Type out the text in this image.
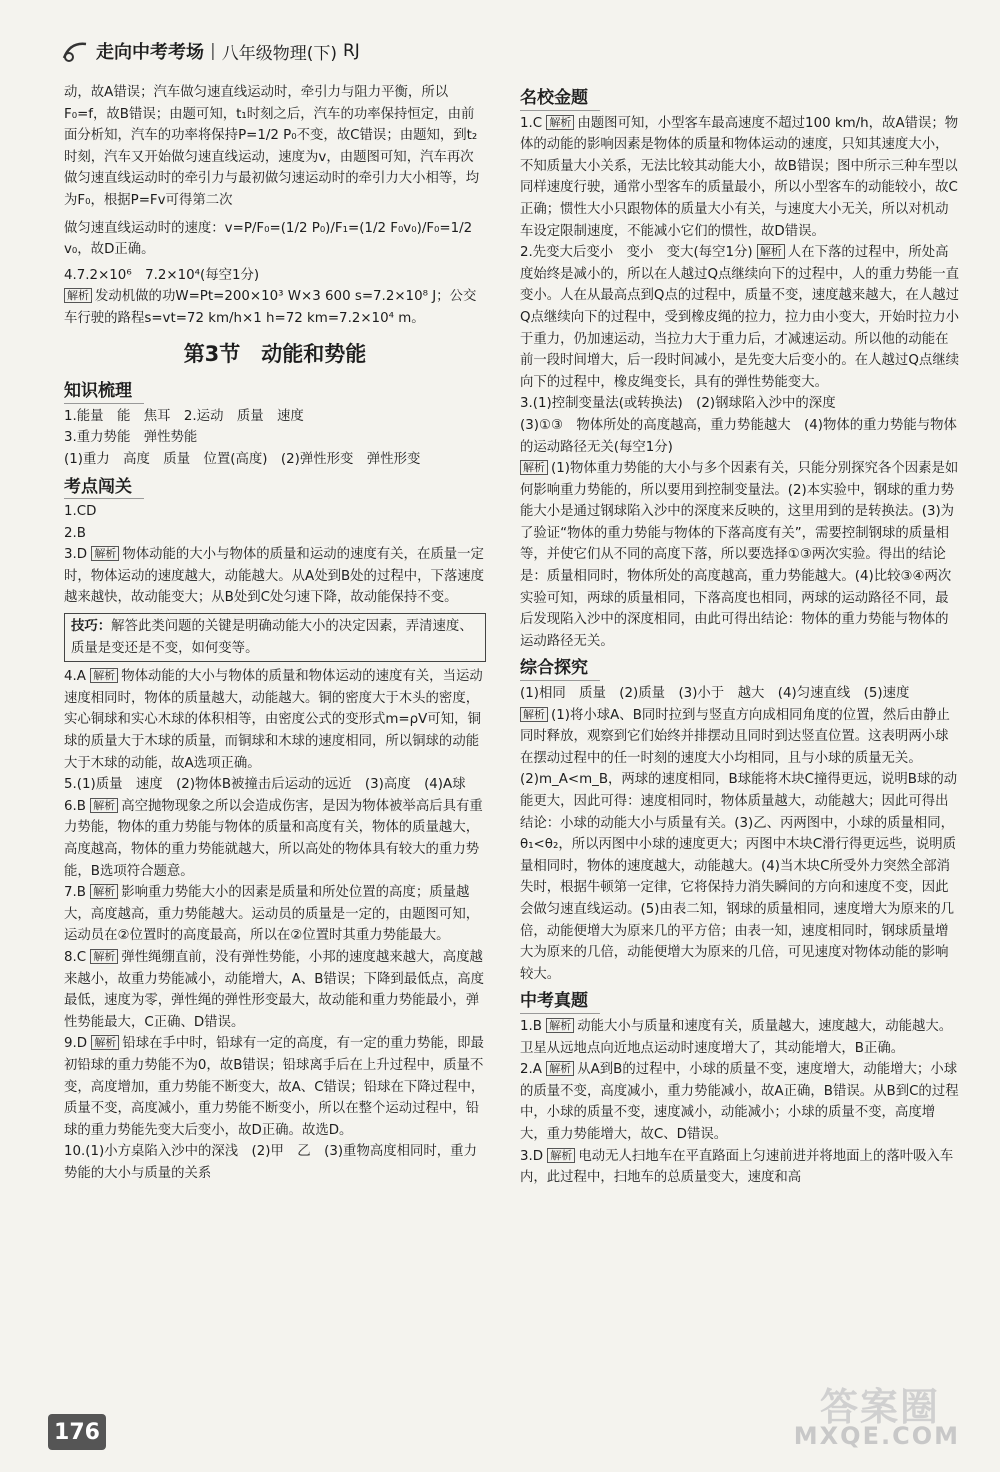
走向中考考场 | 八年级物理(下) RJ

动，故A错误；汽车做匀速直线运动时，牵引力与阻力平衡，所以F₀=f，故B错误；由题可知，t₁时刻之后，汽车的功率保持恒定，由前面分析知，汽车的功率将保持P=1/2 P₀不变，故C错误；由题知，到t₂时刻，汽车又开始做匀速直线运动，速度为v，由题图可知，汽车再次做匀速直线运动时的牵引力与最初做匀速运动时的牵引力大小相等，均为F₀，根据P=Fv可得第二次

做匀速直线运动时的速度：v=P/F₀=(1/2 P₀)/F₁=(1/2 F₀v₀)/F₀=1/2 v₀，故D正确。

4.7.2×10⁶　7.2×10⁴(每空1分)

解析 发动机做的功W=Pt=200×10³ W×3 600 s=7.2×10⁸ J；公交车行驶的路程s=vt=72 km/h×1 h=72 km=7.2×10⁴ m。

第3节　动能和势能
知识梳理

1.能量　能　焦耳　2.运动　质量　速度

3.重力势能　弹性势能

(1)重力　高度　质量　位置(高度)　(2)弹性形变　弹性形变

考点闯关

1.CD

2.B

3.D 解析 物体动能的大小与物体的质量和运动的速度有关，在质量一定时，物体运动的速度越大，动能越大。从A处到B处的过程中，下落速度越来越快，故动能变大；从B处到C处匀速下降，故动能保持不变。

技巧：解答此类问题的关键是明确动能大小的决定因素，弄清速度、质量是变还是不变，如何变等。

4.A 解析 物体动能的大小与物体的质量和物体运动的速度有关，当运动速度相同时，物体的质量越大，动能越大。铜的密度大于木头的密度，实心铜球和实心木球的体积相等，由密度公式的变形式m=ρV可知，铜球的质量大于木球的质量，而铜球和木球的速度相同，所以铜球的动能大于木球的动能，故A选项正确。

5.(1)质量　速度　(2)物体B被撞击后运动的远近　(3)高度　(4)A球

6.B 解析 高空抛物现象之所以会造成伤害，是因为物体被举高后具有重力势能，物体的重力势能与物体的质量和高度有关，物体的质量越大，高度越高，物体的重力势能就越大，所以高处的物体具有较大的重力势能，B选项符合题意。

7.B 解析 影响重力势能大小的因素是质量和所处位置的高度；质量越大，高度越高，重力势能越大。运动员的质量是一定的，由题图可知，运动员在②位置时的高度最高，所以在②位置时其重力势能最大。

8.C 解析 弹性绳绷直前，没有弹性势能，小邦的速度越来越大，高度越来越小，故重力势能减小，动能增大，A、B错误；下降到最低点，高度最低，速度为零，弹性绳的弹性形变最大，故动能和重力势能最小，弹性势能最大，C正确、D错误。

9.D 解析 铅球在手中时，铅球有一定的高度，有一定的重力势能，即最初铅球的重力势能不为0，故B错误；铅球离手后在上升过程中，质量不变，高度增加，重力势能不断变大，故A、C错误；铅球在下降过程中，质量不变，高度减小，重力势能不断变小，所以在整个运动过程中，铅球的重力势能先变大后变小，故D正确。故选D。

10.(1)小方桌陷入沙中的深浅　(2)甲　乙　(3)重物高度相同时，重力势能的大小与质量的关系

名校金题

1.C 解析 由题图可知，小型客车最高速度不超过100 km/h，故A错误；物体的动能的影响因素是物体的质量和物体运动的速度，只知其速度大小，不知质量大小关系，无法比较其动能大小，故B错误；图中所示三种车型以同样速度行驶，通常小型客车的质量最小，所以小型客车的动能较小，故C正确；惯性大小只跟物体的质量大小有关，与速度大小无关，所以对机动车设定限制速度，不能减小它们的惯性，故D错误。

2.先变大后变小　变小　变大(每空1分) 解析 人在下落的过程中，所处高度始终是减小的，所以在人越过Q点继续向下的过程中，人的重力势能一直变小。人在从最高点到Q点的过程中，质量不变，速度越来越大，在人越过Q点继续向下的过程中，受到橡皮绳的拉力，拉力由小变大，开始时拉力小于重力，仍加速运动，当拉力大于重力后，才减速运动。所以他的动能在前一段时间增大，后一段时间减小，是先变大后变小的。在人越过Q点继续向下的过程中，橡皮绳变长，具有的弹性势能变大。

3.(1)控制变量法(或转换法)　(2)钢球陷入沙中的深度

(3)①③　物体所处的高度越高，重力势能越大　(4)物体的重力势能与物体的运动路径无关(每空1分)

解析 (1)物体重力势能的大小与多个因素有关，只能分别探究各个因素是如何影响重力势能的，所以要用到控制变量法。(2)本实验中，钢球的重力势能大小是通过钢球陷入沙中的深度来反映的，这里用到的是转换法。(3)为了验证“物体的重力势能与物体的下落高度有关”，需要控制钢球的质量相等，并使它们从不同的高度下落，所以要选择①③两次实验。得出的结论是：质量相同时，物体所处的高度越高，重力势能越大。(4)比较③④两次实验可知，两球的质量相同，下落高度也相同，两球的运动路径不同，最后发现陷入沙中的深度相同，由此可得出结论：物体的重力势能与物体的运动路径无关。

综合探究

(1)相同　质量　(2)质量　(3)小于　越大　(4)匀速直线　(5)速度

解析 (1)将小球A、B同时拉到与竖直方向成相同角度的位置，然后由静止同时释放，观察到它们始终并排摆动且同时到达竖直位置。这表明两小球在摆动过程中的任一时刻的速度大小均相同，且与小球的质量无关。(2)m_A<m_B，两球的速度相同，B球能将木块C撞得更远，说明B球的动能更大，因此可得：速度相同时，物体质量越大，动能越大；因此可得出结论：小球的动能大小与质量有关。(3)乙、丙两图中，小球的质量相同，θ₁<θ₂，所以丙图中小球的速度更大；丙图中木块C滑行得更远些，说明质量相同时，物体的速度越大，动能越大。(4)当木块C所受外力突然全部消失时，根据牛顿第一定律，它将保持力消失瞬间的方向和速度不变，因此会做匀速直线运动。(5)由表二知，钢球的质量相同，速度增大为原来的几倍，动能便增大为原来几的平方倍；由表一知，速度相同时，钢球质量增大为原来的几倍，动能便增大为原来的几倍，可见速度对物体动能的影响较大。

中考真题

1.B 解析 动能大小与质量和速度有关，质量越大，速度越大，动能越大。卫星从远地点向近地点运动时速度增大了，其动能增大，B正确。

2.A 解析 从A到B的过程中，小球的质量不变，速度增大，动能增大；小球的质量不变，高度减小，重力势能减小，故A正确，B错误。从B到C的过程中，小球的质量不变，速度减小，动能减小；小球的质量不变，高度增大，重力势能增大，故C、D错误。

3.D 解析 电动无人扫地车在平直路面上匀速前进并将地面上的落叶吸入车内，此过程中，扫地车的总质量变大，速度和高

176
答案圈
MXQE.COM
